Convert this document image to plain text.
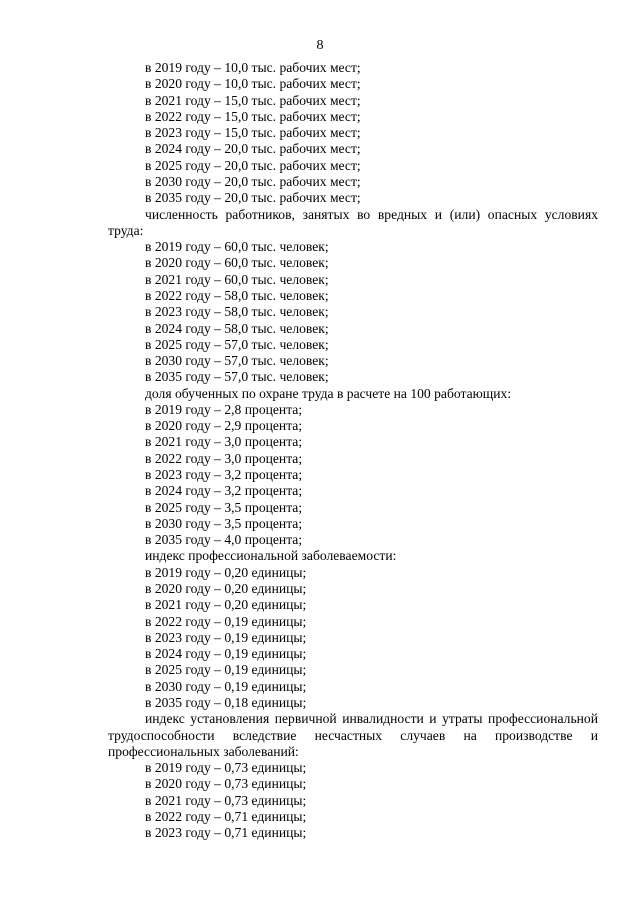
8
в 2019 году – 10,0 тыс. рабочих мест;
в 2020 году – 10,0 тыс. рабочих мест;
в 2021 году – 15,0 тыс. рабочих мест;
в 2022 году – 15,0 тыс. рабочих мест;
в 2023 году – 15,0 тыс. рабочих мест;
в 2024 году – 20,0 тыс. рабочих мест;
в 2025 году – 20,0 тыс. рабочих мест;
в 2030 году – 20,0 тыс. рабочих мест;
в 2035 году – 20,0 тыс. рабочих мест;
численность работников, занятых во вредных и (или) опасных условиях труда:
в 2019 году – 60,0 тыс. человек;
в 2020 году – 60,0 тыс. человек;
в 2021 году – 60,0 тыс. человек;
в 2022 году – 58,0 тыс. человек;
в 2023 году – 58,0 тыс. человек;
в 2024 году – 58,0 тыс. человек;
в 2025 году – 57,0 тыс. человек;
в 2030 году – 57,0 тыс. человек;
в 2035 году – 57,0 тыс. человек;
доля обученных по охране труда в расчете на 100 работающих:
в 2019 году – 2,8 процента;
в 2020 году – 2,9 процента;
в 2021 году – 3,0 процента;
в 2022 году – 3,0 процента;
в 2023 году – 3,2 процента;
в 2024 году – 3,2 процента;
в 2025 году – 3,5 процента;
в 2030 году – 3,5 процента;
в 2035 году – 4,0 процента;
индекс профессиональной заболеваемости:
в 2019 году – 0,20 единицы;
в 2020 году – 0,20 единицы;
в 2021 году – 0,20 единицы;
в 2022 году – 0,19 единицы;
в 2023 году – 0,19 единицы;
в 2024 году – 0,19 единицы;
в 2025 году – 0,19 единицы;
в 2030 году – 0,19 единицы;
в 2035 году – 0,18 единицы;
индекс установления первичной инвалидности и утраты профессиональной трудоспособности вследствие несчастных случаев на производстве и профессиональных заболеваний:
в 2019 году – 0,73 единицы;
в 2020 году – 0,73 единицы;
в 2021 году – 0,73 единицы;
в 2022 году – 0,71 единицы;
в 2023 году – 0,71 единицы;
